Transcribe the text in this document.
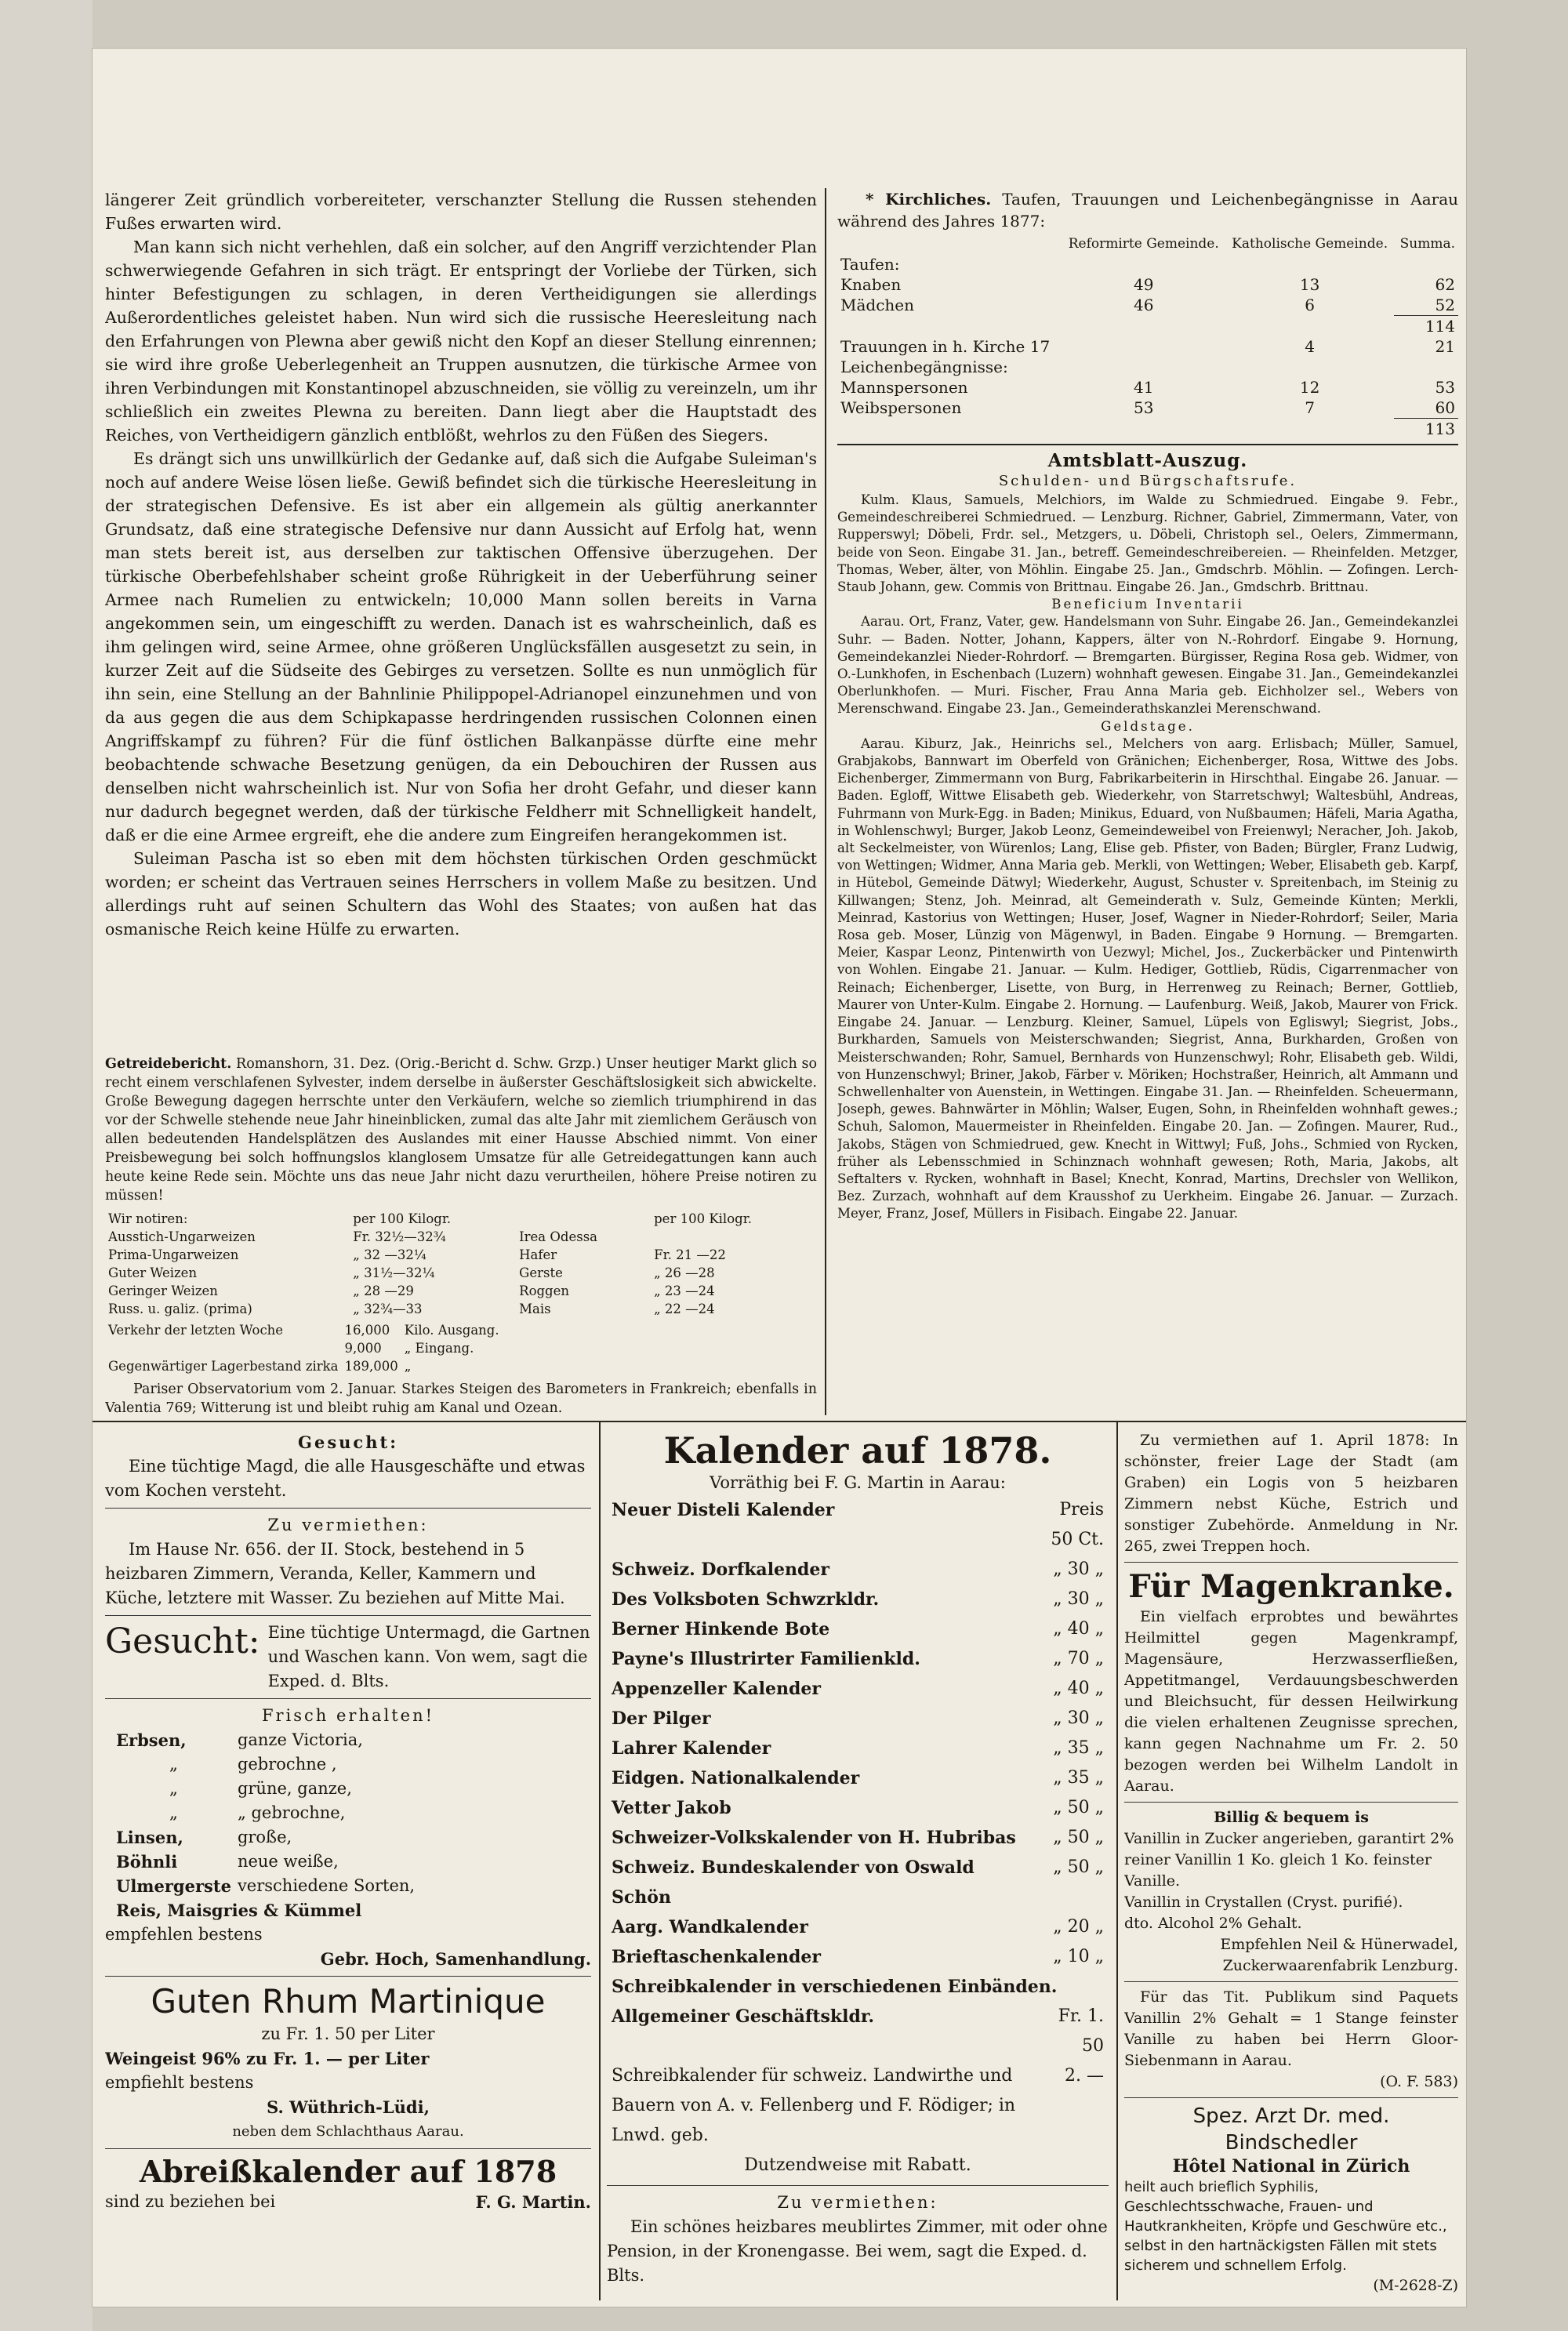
längerer Zeit gründlich vorbereiteter, verschanzter Stellung die Russen stehenden Fußes erwarten wird.

Man kann sich nicht verhehlen, daß ein solcher, auf den Angriff verzichtender Plan schwerwiegende Gefahren in sich trägt. Er entspringt der Vorliebe der Türken, sich hinter Befestigungen zu schlagen, in deren Vertheidigungen sie allerdings Außerordentliches geleistet haben. Nun wird sich die russische Heeresleitung nach den Erfahrungen von Plewna aber gewiß nicht den Kopf an dieser Stellung einrennen; sie wird ihre große Ueberlegenheit an Truppen ausnutzen, die türkische Armee von ihren Verbindungen mit Konstantinopel abzuschneiden, sie völlig zu vereinzeln, um ihr schließlich ein zweites Plewna zu bereiten. Dann liegt aber die Hauptstadt des Reiches, von Vertheidigern gänzlich entblößt, wehrlos zu den Füßen des Siegers.

Es drängt sich uns unwillkürlich der Gedanke auf, daß sich die Aufgabe Suleiman's noch auf andere Weise lösen ließe. Gewiß befindet sich die türkische Heeresleitung in der strategischen Defensive. Es ist aber ein allgemein als gültig anerkannter Grundsatz, daß eine strategische Defensive nur dann Aussicht auf Erfolg hat, wenn man stets bereit ist, aus derselben zur taktischen Offensive überzugehen. Der türkische Oberbefehlshaber scheint große Rührigkeit in der Ueberführung seiner Armee nach Rumelien zu entwickeln; 10,000 Mann sollen bereits in Varna angekommen sein, um eingeschifft zu werden. Danach ist es wahrscheinlich, daß es ihm gelingen wird, seine Armee, ohne größeren Unglücksfällen ausgesetzt zu sein, in kurzer Zeit auf die Südseite des Gebirges zu versetzen. Sollte es nun unmöglich für ihn sein, eine Stellung an der Bahnlinie Philippopel-Adrianopel einzunehmen und von da aus gegen die aus dem Schipkapasse herdringenden russischen Colonnen einen Angriffskampf zu führen? Für die fünf östlichen Balkanpässe dürfte eine mehr beobachtende schwache Besetzung genügen, da ein Debouchiren der Russen aus denselben nicht wahrscheinlich ist. Nur von Sofia her droht Gefahr, und dieser kann nur dadurch begegnet werden, daß der türkische Feldherr mit Schnelligkeit handelt, daß er die eine Armee ergreift, ehe die andere zum Eingreifen herangekommen ist.

Suleiman Pascha ist so eben mit dem höchsten türkischen Orden geschmückt worden; er scheint das Vertrauen seines Herrschers in vollem Maße zu besitzen. Und allerdings ruht auf seinen Schultern das Wohl des Staates; von außen hat das osmanische Reich keine Hülfe zu erwarten.

Getreidebericht. Romanshorn, 31. Dez. (Orig.-Bericht d. Schw. Grzp.) Unser heutiger Markt glich so recht einem verschlafenen Sylvester, indem derselbe in äußerster Geschäftslosigkeit sich abwickelte. Große Bewegung dagegen herrschte unter den Verkäufern, welche so ziemlich triumphirend in das vor der Schwelle stehende neue Jahr hineinblicken, zumal das alte Jahr mit ziemlichem Geräusch von allen bedeutenden Handelsplätzen des Auslandes mit einer Hausse Abschied nimmt. Von einer Preisbewegung bei solch hoffnungslos klanglosem Umsatze für alle Getreidegattungen kann auch heute keine Rede sein. Möchte uns das neue Jahr nicht dazu verurtheilen, höhere Preise notiren zu müssen!

Wir notiren:	per 100 Kilogr.		per 100 Kilogr.
Ausstich-Ungarweizen	Fr. 32½—32¾	Irea Odessa	
Prima-Ungarweizen	„ 32 —32¼	Hafer	Fr. 21 —22
Guter Weizen	„ 31½—32¼	Gerste	„ 26 —28
Geringer Weizen	„ 28 —29	Roggen	„ 23 —24
Russ. u. galiz. (prima)	„ 32¾—33	Mais	„ 22 —24
Verkehr der letzten Woche	16,000	Kilo. Ausgang.
	9,000	„ Eingang.
Gegenwärtiger Lagerbestand zirka	189,000	„

Pariser Observatorium vom 2. Januar. Starkes Steigen des Barometers in Frankreich; ebenfalls in Valentia 769; Witterung ist und bleibt ruhig am Kanal und Ozean.

* Kirchliches. Taufen, Trauungen und Leichenbegängnisse in Aarau während des Jahres 1877:

	Reformirte Gemeinde.	Katholische Gemeinde.	Summa.
Taufen:			
Knaben	49	13	62
Mädchen	46	6	52
			114
Trauungen in h. Kirche 17		4	21
Leichenbegängnisse:			
Mannspersonen	41	12	53
Weibspersonen	53	7	60
			113
Amtsblatt-Auszug.
Schulden- und Bürgschaftsrufe.

Kulm. Klaus, Samuels, Melchiors, im Walde zu Schmiedrued. Eingabe 9. Febr., Gemeindeschreiberei Schmiedrued. — Lenzburg. Richner, Gabriel, Zimmermann, Vater, von Rupperswyl; Döbeli, Frdr. sel., Metzgers, u. Döbeli, Christoph sel., Oelers, Zimmermann, beide von Seon. Eingabe 31. Jan., betreff. Gemeindeschreibereien. — Rheinfelden. Metzger, Thomas, Weber, älter, von Möhlin. Eingabe 25. Jan., Gmdschrb. Möhlin. — Zofingen. Lerch-Staub Johann, gew. Commis von Brittnau. Eingabe 26. Jan., Gmdschrb. Brittnau.

Beneficium Inventarii

Aarau. Ort, Franz, Vater, gew. Handelsmann von Suhr. Eingabe 26. Jan., Gemeindekanzlei Suhr. — Baden. Notter, Johann, Kappers, älter von N.-Rohrdorf. Eingabe 9. Hornung, Gemeindekanzlei Nieder-Rohrdorf. — Bremgarten. Bürgisser, Regina Rosa geb. Widmer, von O.-Lunkhofen, in Eschenbach (Luzern) wohnhaft gewesen. Eingabe 31. Jan., Gemeindekanzlei Oberlunkhofen. — Muri. Fischer, Frau Anna Maria geb. Eichholzer sel., Webers von Merenschwand. Eingabe 23. Jan., Gemeinderathskanzlei Merenschwand.

Geldstage.

Aarau. Kiburz, Jak., Heinrichs sel., Melchers von aarg. Erlisbach; Müller, Samuel, Grabjakobs, Bannwart im Oberfeld von Gränichen; Eichenberger, Rosa, Wittwe des Jobs. Eichenberger, Zimmermann von Burg, Fabrikarbeiterin in Hirschthal. Eingabe 26. Januar. — Baden. Egloff, Wittwe Elisabeth geb. Wiederkehr, von Starretschwyl; Waltesbühl, Andreas, Fuhrmann von Murk-Egg. in Baden; Minikus, Eduard, von Nußbaumen; Häfeli, Maria Agatha, in Wohlenschwyl; Burger, Jakob Leonz, Gemeindeweibel von Freienwyl; Neracher, Joh. Jakob, alt Seckelmeister, von Würenlos; Lang, Elise geb. Pfister, von Baden; Bürgler, Franz Ludwig, von Wettingen; Widmer, Anna Maria geb. Merkli, von Wettingen; Weber, Elisabeth geb. Karpf, in Hütebol, Gemeinde Dätwyl; Wiederkehr, August, Schuster v. Spreitenbach, im Steinig zu Killwangen; Stenz, Joh. Meinrad, alt Gemeinderath v. Sulz, Gemeinde Künten; Merkli, Meinrad, Kastorius von Wettingen; Huser, Josef, Wagner in Nieder-Rohrdorf; Seiler, Maria Rosa geb. Moser, Lünzig von Mägenwyl, in Baden. Eingabe 9 Hornung. — Bremgarten. Meier, Kaspar Leonz, Pintenwirth von Uezwyl; Michel, Jos., Zuckerbäcker und Pintenwirth von Wohlen. Eingabe 21. Januar. — Kulm. Hediger, Gottlieb, Rüdis, Cigarrenmacher von Reinach; Eichenberger, Lisette, von Burg, in Herrenweg zu Reinach; Berner, Gottlieb, Maurer von Unter-Kulm. Eingabe 2. Hornung. — Laufenburg. Weiß, Jakob, Maurer von Frick. Eingabe 24. Januar. — Lenzburg. Kleiner, Samuel, Lüpels von Egliswyl; Siegrist, Jobs., Burkharden, Samuels von Meisterschwanden; Siegrist, Anna, Burkharden, Großen von Meisterschwanden; Rohr, Samuel, Bernhards von Hunzenschwyl; Rohr, Elisabeth geb. Wildi, von Hunzenschwyl; Briner, Jakob, Färber v. Möriken; Hochstraßer, Heinrich, alt Ammann und Schwellenhalter von Auenstein, in Wettingen. Eingabe 31. Jan. — Rheinfelden. Scheuermann, Joseph, gewes. Bahnwärter in Möhlin; Walser, Eugen, Sohn, in Rheinfelden wohnhaft gewes.; Schuh, Salomon, Mauermeister in Rheinfelden. Eingabe 20. Jan. — Zofingen. Maurer, Rud., Jakobs, Stägen von Schmiedrued, gew. Knecht in Wittwyl; Fuß, Johs., Schmied von Rycken, früher als Lebensschmied in Schinznach wohnhaft gewesen; Roth, Maria, Jakobs, alt Seftalters v. Rycken, wohnhaft in Basel; Knecht, Konrad, Martins, Drechsler von Wellikon, Bez. Zurzach, wohnhaft auf dem Krausshof zu Uerkheim. Eingabe 26. Januar. — Zurzach. Meyer, Franz, Josef, Müllers in Fisibach. Eingabe 22. Januar.

Gesucht:

Eine tüchtige Magd, die alle Hausgeschäfte und etwas vom Kochen versteht.

Zu vermiethen:

Im Hause Nr. 656. der II. Stock, bestehend in 5 heizbaren Zimmern, Veranda, Keller, Kammern und Küche, letztere mit Wasser. Zu beziehen auf Mitte Mai.

Gesucht: Eine tüchtige Untermagd, die Gartnen und Waschen kann. Von wem, sagt die Exped. d. Blts.
Frisch erhalten!
Erbsen,	ganze Victoria,
„	gebrochne ,
„	grüne, ganze,
„	„ gebrochne,
Linsen,	große,
Böhnli	neue weiße,
Ulmergerste	verschiedene Sorten,
Reis, Maisgries & Kümmel	

empfehlen bestens

Gebr. Hoch, Samenhandlung.

Guten Rhum Martinique

zu Fr. 1. 50 per Liter

Weingeist 96% zu Fr. 1. — per Liter

empfiehlt bestens

S. Wüthrich-Lüdi,

neben dem Schlachthaus Aarau.

Abreißkalender auf 1878
sind zu beziehen bei	F. G. Martin.
Kalender auf 1878.
Vorräthig bei F. G. Martin in Aarau:
Neuer Disteli Kalender	Preis 50 Ct.
Schweiz. Dorfkalender	„ 30 „
Des Volksboten Schwzrkldr.	„ 30 „
Berner Hinkende Bote	„ 40 „
Payne's Illustrirter Familienkld.	„ 70 „
Appenzeller Kalender	„ 40 „
Der Pilger	„ 30 „
Lahrer Kalender	„ 35 „
Eidgen. Nationalkalender	„ 35 „
Vetter Jakob	„ 50 „
Schweizer-Volkskalender von H. Hubribas	„ 50 „
Schweiz. Bundeskalender von Oswald Schön	„ 50 „
Aarg. Wandkalender	„ 20 „
Brieftaschenkalender	„ 10 „
Schreibkalender in verschiedenen Einbänden.	
Allgemeiner Geschäftskldr.	Fr. 1. 50
Schreibkalender für schweiz. Landwirthe und Bauern von A. v. Fellenberg und F. Rödiger; in Lnwd. geb.	2. —
Dutzendweise mit Rabatt.	
Zu vermiethen:

Ein schönes heizbares meublirtes Zimmer, mit oder ohne Pension, in der Kronengasse. Bei wem, sagt die Exped. d. Blts.

Zu vermiethen auf 1. April 1878: In schönster, freier Lage der Stadt (am Graben) ein Logis von 5 heizbaren Zimmern nebst Küche, Estrich und sonstiger Zubehörde. Anmeldung in Nr. 265, zwei Treppen hoch.

Für Magenkranke.

Ein vielfach erprobtes und bewährtes Heilmittel gegen Magenkrampf, Magensäure, Herzwasserfließen, Appetitmangel, Verdauungsbeschwerden und Bleichsucht, für dessen Heilwirkung die vielen erhaltenen Zeugnisse sprechen, kann gegen Nachnahme um Fr. 2. 50 bezogen werden bei Wilhelm Landolt in Aarau.

Billig & bequem is

Vanillin in Zucker angerieben, garantirt 2% reiner Vanillin 1 Ko. gleich 1 Ko. feinster Vanille.

Vanillin in Crystallen (Cryst. purifié).

dto. Alcohol 2% Gehalt.

Empfehlen Neil & Hünerwadel, Zuckerwaarenfabrik Lenzburg.

Für das Tit. Publikum sind Paquets Vanillin 2% Gehalt = 1 Stange feinster Vanille zu haben bei Herrn Gloor-Siebenmann in Aarau.

(O. F. 583)

Spez. Arzt Dr. med. Bindschedler
Hôtel National in Zürich

heilt auch brieflich Syphilis, Geschlechtsschwache, Frauen- und Hautkrankheiten, Kröpfe und Geschwüre etc., selbst in den hartnäckigsten Fällen mit stets sicherem und schnellem Erfolg.

(M-2628-Z)
